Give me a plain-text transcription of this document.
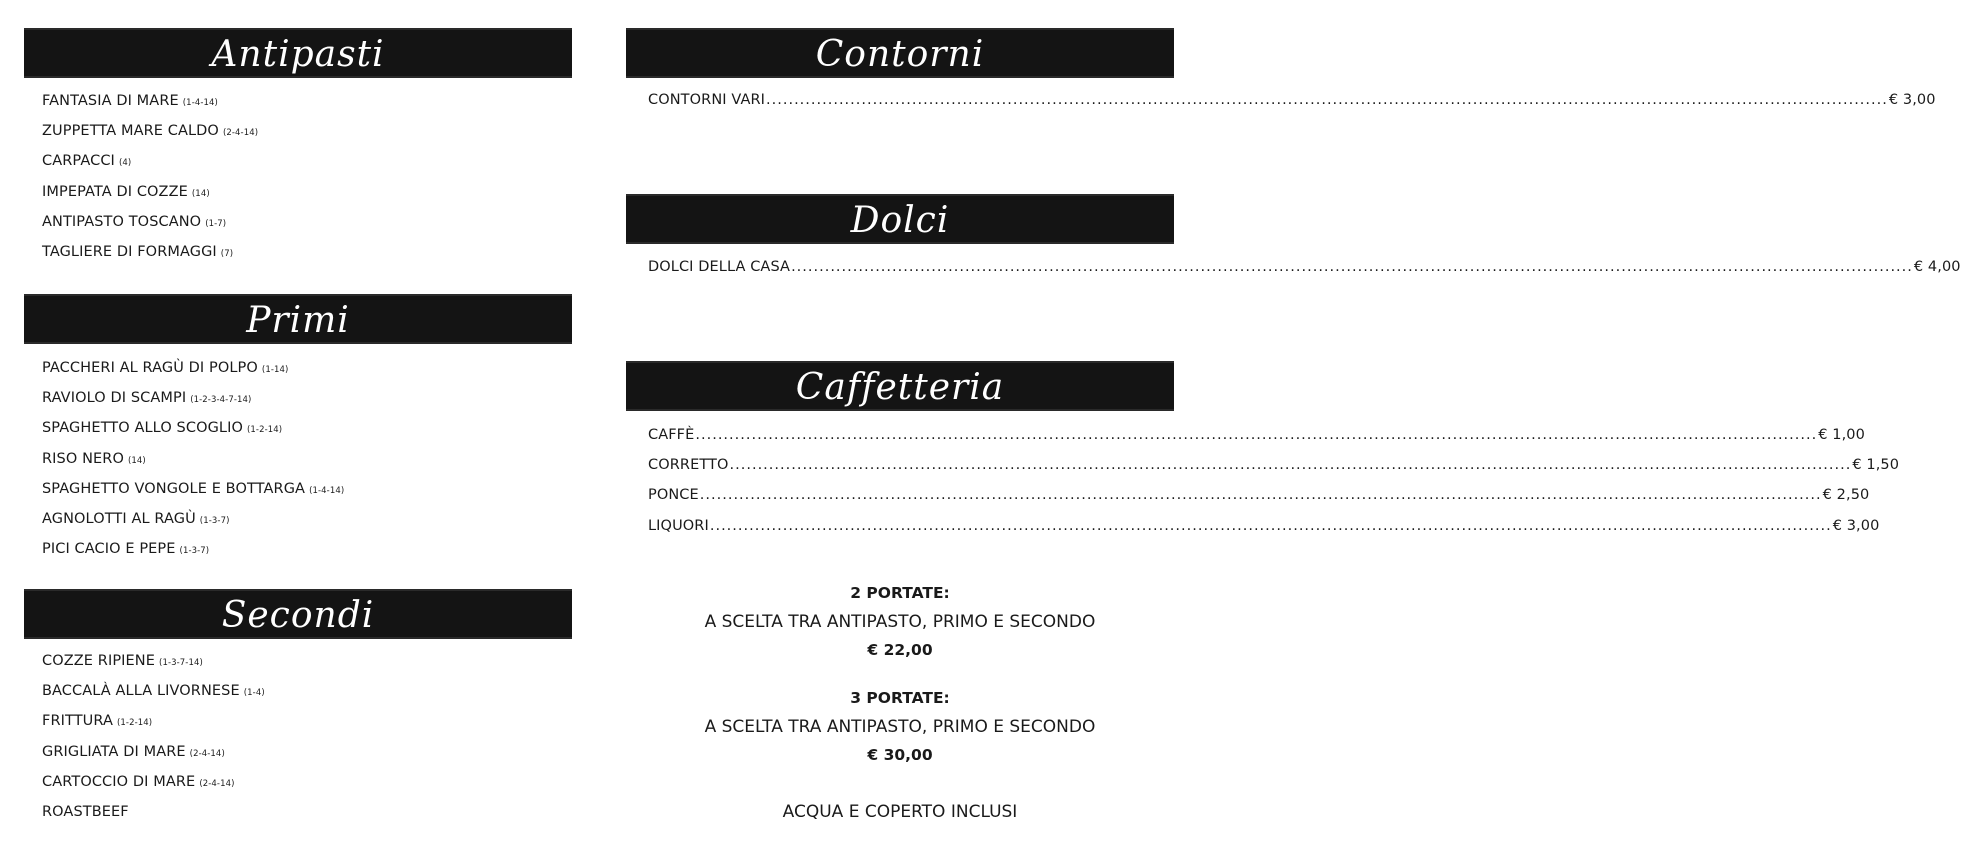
Antipasti
FANTASIA DI MARE (1-4-14)
ZUPPETTA MARE CALDO (2-4-14)
CARPACCI (4)
IMPEPATA DI COZZE (14)
ANTIPASTO TOSCANO (1-7)
TAGLIERE DI FORMAGGI (7)
Primi
PACCHERI AL RAGÙ DI POLPO (1-14)
RAVIOLO DI SCAMPI (1-2-3-4-7-14)
SPAGHETTO ALLO SCOGLIO (1-2-14)
RISO NERO (14)
SPAGHETTO VONGOLE E BOTTARGA (1-4-14)
AGNOLOTTI AL RAGÙ (1-3-7)
PICI CACIO E PEPE (1-3-7)
Secondi
COZZE RIPIENE (1-3-7-14)
BACCALÀ ALLA LIVORNESE (1-4)
FRITTURA (1-2-14)
GRIGLIATA DI MARE (2-4-14)
CARTOCCIO DI MARE (2-4-14)
ROASTBEEF
Contorni
CONTORNI VARI ........................................................................................................................................................................................................ € 3,00
Dolci
DOLCI DELLA CASA ........................................................................................................................................................................................................ € 4,00
Caffetteria
CAFFÈ ........................................................................................................................................................................................................ € 1,00
CORRETTO ........................................................................................................................................................................................................ € 1,50
PONCE ........................................................................................................................................................................................................ € 2,50
LIQUORI ........................................................................................................................................................................................................ € 3,00
2 PORTATE:
A SCELTA TRA ANTIPASTO, PRIMO E SECONDO
€ 22,00
3 PORTATE:
A SCELTA TRA ANTIPASTO, PRIMO E SECONDO
€ 30,00
ACQUA E COPERTO INCLUSI
